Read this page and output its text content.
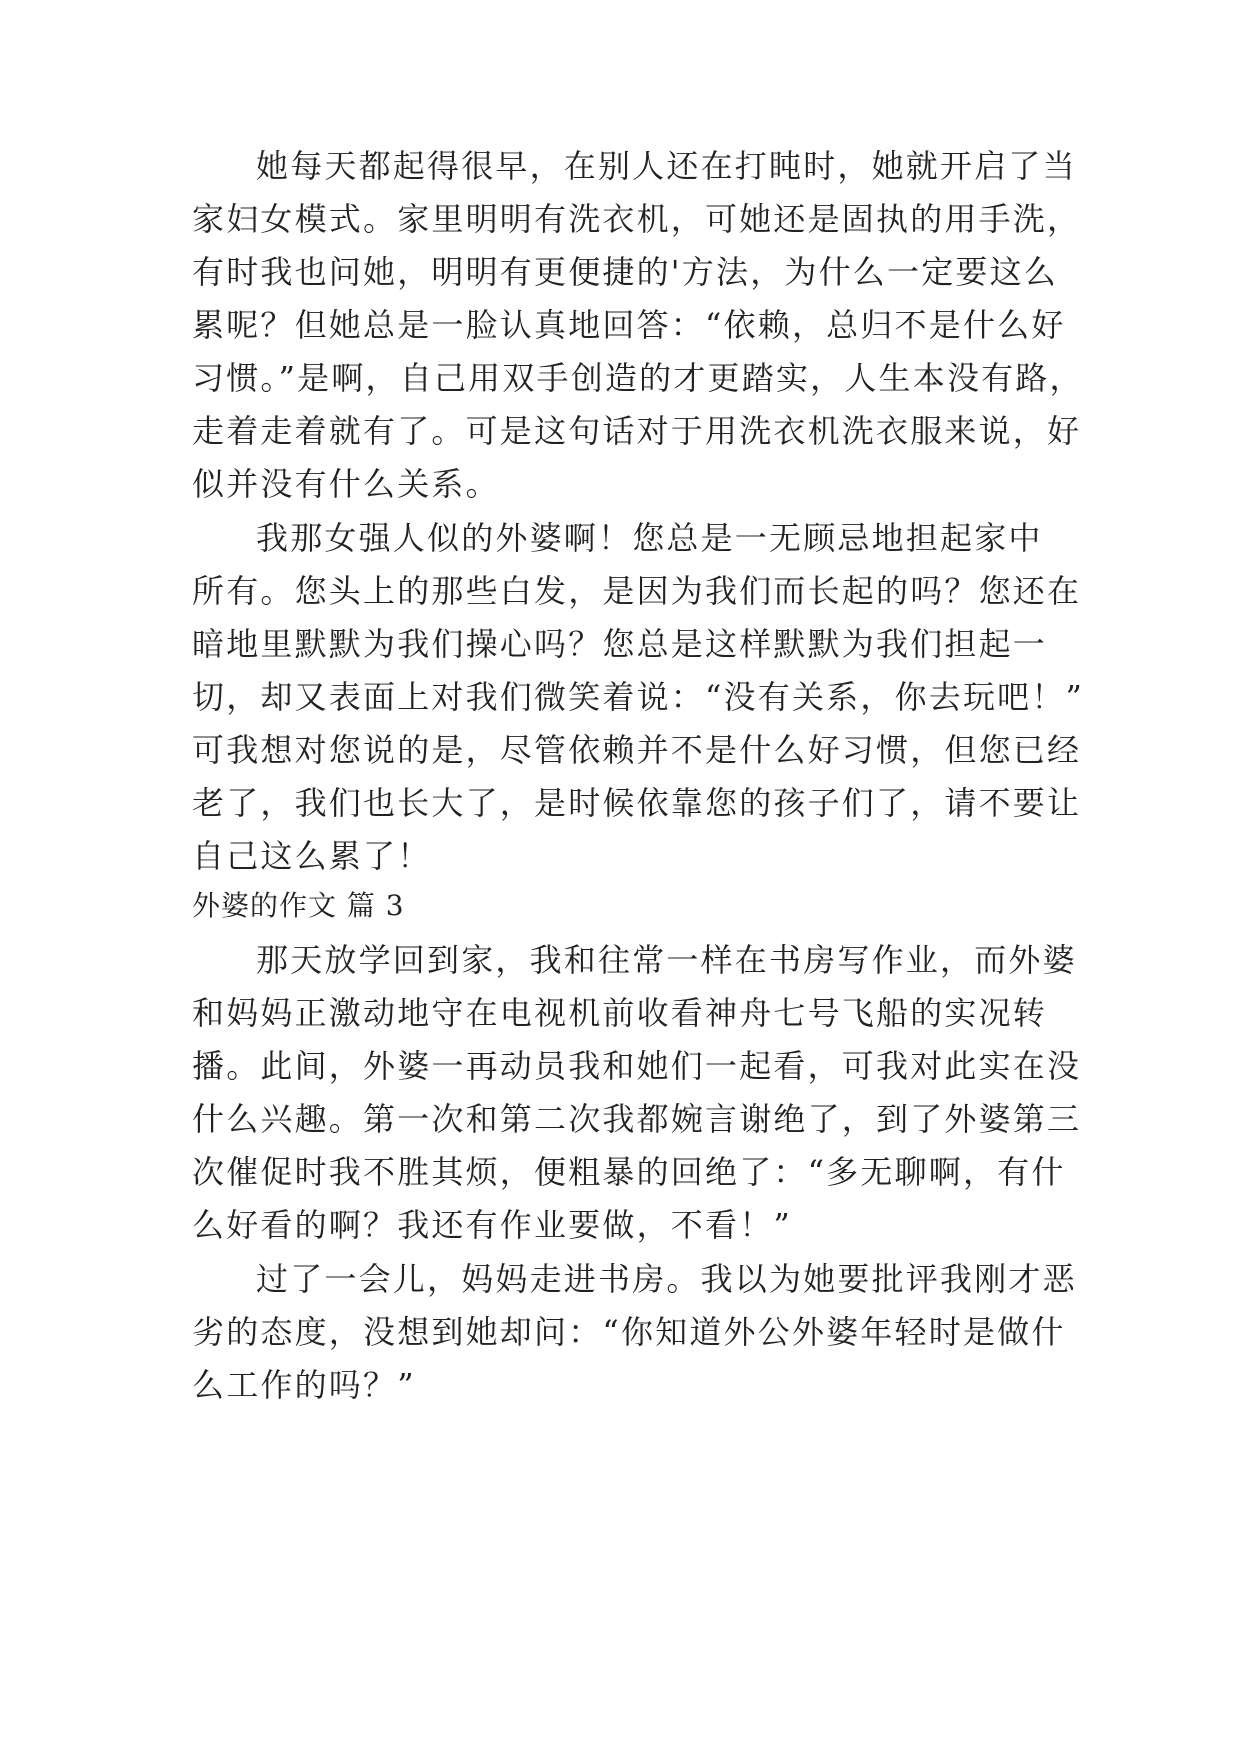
她每天都起得很早，在别人还在打盹时，她就开启了当
家妇女模式。家里明明有洗衣机，可她还是固执的用手洗，
有时我也问她，明明有更便捷的'方法，为什么一定要这么
累呢？但她总是一脸认真地回答：“依赖，总归不是什么好
习惯。”是啊，自己用双手创造的才更踏实，人生本没有路，
走着走着就有了。可是这句话对于用洗衣机洗衣服来说，好
似并没有什么关系。
我那女强人似的外婆啊！您总是一无顾忌地担起家中
所有。您头上的那些白发，是因为我们而长起的吗？您还在
暗地里默默为我们操心吗？您总是这样默默为我们担起一
切，却又表面上对我们微笑着说：“没有关系，你去玩吧！”
可我想对您说的是，尽管依赖并不是什么好习惯，但您已经
老了，我们也长大了，是时候依靠您的孩子们了，请不要让
自己这么累了！
外婆的作文 篇 3
那天放学回到家，我和往常一样在书房写作业，而外婆
和妈妈正激动地守在电视机前收看神舟七号飞船的实况转
播。此间，外婆一再动员我和她们一起看，可我对此实在没
什么兴趣。第一次和第二次我都婉言谢绝了，到了外婆第三
次催促时我不胜其烦，便粗暴的回绝了：“多无聊啊，有什
么好看的啊？我还有作业要做，不看！”
过了一会儿，妈妈走进书房。我以为她要批评我刚才恶
劣的态度，没想到她却问：“你知道外公外婆年轻时是做什
么工作的吗？”
